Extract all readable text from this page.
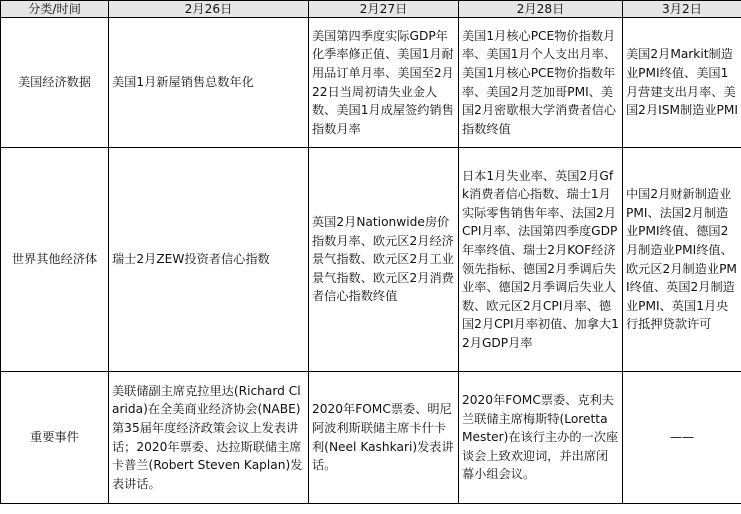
分类/时间	2月26日	2月27日	2月28日	3月2日
美国经济数据	美国1月新屋销售总数年化	美国第四季度实际GDP年化季率修正值、美国1月耐用品订单月率、美国至2月22日当周初请失业金人数、美国1月成屋签约销售指数月率	美国1月核心PCE物价指数月率、美国1月个人支出月率、美国1月核心PCE物价指数年率、美国2月芝加哥PMI、美国2月密歇根大学消费者信心指数终值	美国2月Markit制造业PMI终值、美国1月营建支出月率、美国2月ISM制造业PMI
世界其他经济体	瑞士2月ZEW投资者信心指数	英国2月Nationwide房价指数月率、欧元区2月经济景气指数、欧元区2月工业景气指数、欧元区2月消费者信心指数终值	日本1月失业率、英国2月Gfk消费者信心指数、瑞士1月实际零售销售年率、法国2月CPI月率、法国第四季度GDP年率终值、瑞士2月KOF经济领先指标、德国2月季调后失业率、德国2月季调后失业人数、欧元区2月CPI月率、德国2月CPI月率初值、加拿大12月GDP月率	中国2月财新制造业PMI、法国2月制造业PMI终值、德国2月制造业PMI终值、欧元区2月制造业PMI终值、英国2月制造业PMI、英国1月央行抵押贷款许可
重要事件	美联储副主席克拉里达(Richard Clarida)在全美商业经济协会(NABE)第35届年度经济政策会议上发表讲话；2020年票委、达拉斯联储主席卡普兰(Robert Steven Kaplan)发表讲话。	2020年FOMC票委、明尼阿波利斯联储主席卡什卡利(Neel Kashkari)发表讲话。	2020年FOMC票委、克利夫兰联储主席梅斯特(Loretta Mester)在该行主办的一次座谈会上致欢迎词，并出席闭幕小组会议。	——
